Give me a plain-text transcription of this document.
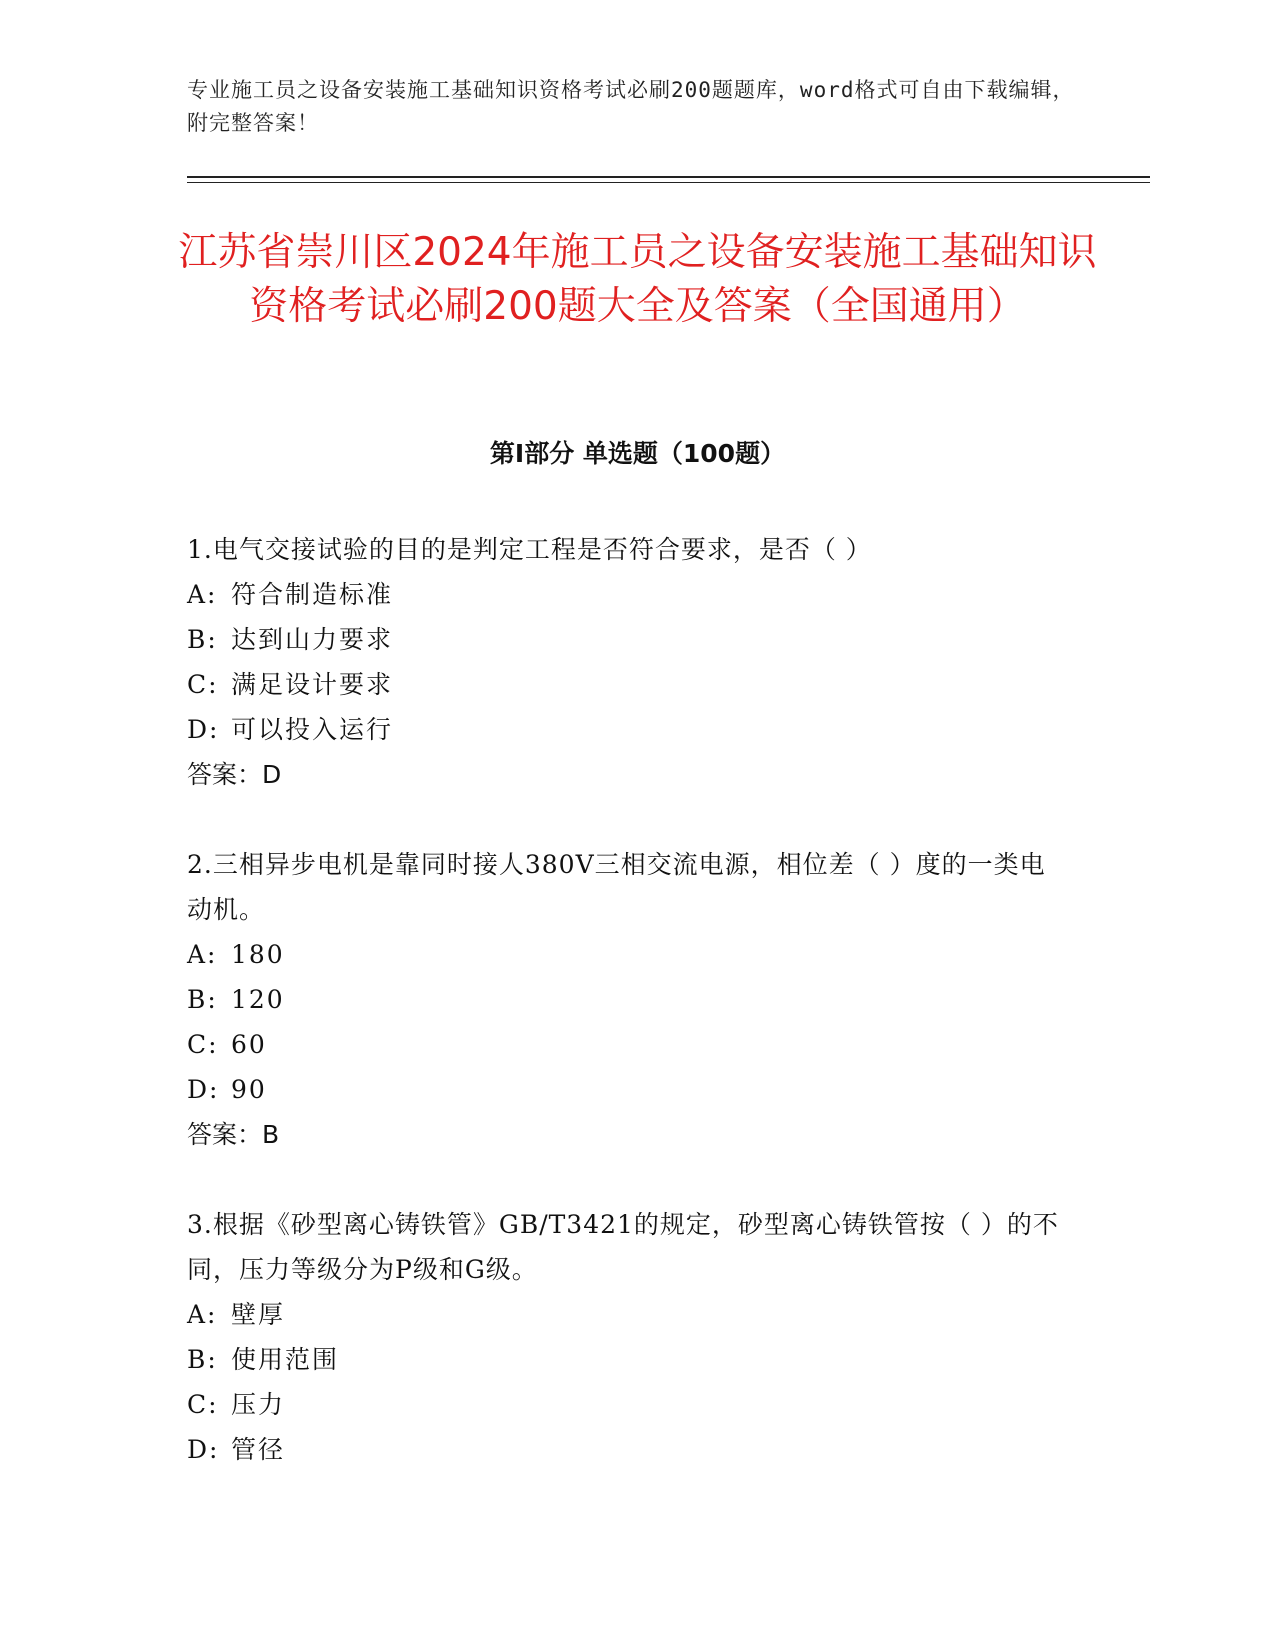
专业施工员之设备安装施工基础知识资格考试必刷200题题库，word格式可自由下载编辑，附完整答案！
江苏省崇川区2024年施工员之设备安装施工基础知识资格考试必刷200题大全及答案（全国通用）
第Ⅰ部分 单选题（100题）
1.电气交接试验的目的是判定工程是否符合要求，是否（ ）
A: 符合制造标准
B: 达到山力要求
C: 满足设计要求
D: 可以投入运行
答案：D
2.三相异步电机是靠同时接人380V三相交流电源，相位差（ ）度的一类电动机。
A: 180
B: 120
C: 60
D: 90
答案：B
3.根据《砂型离心铸铁管》GB/T3421的规定，砂型离心铸铁管按（ ）的不同，压力等级分为P级和G级。
A: 壁厚
B: 使用范围
C: 压力
D: 管径
